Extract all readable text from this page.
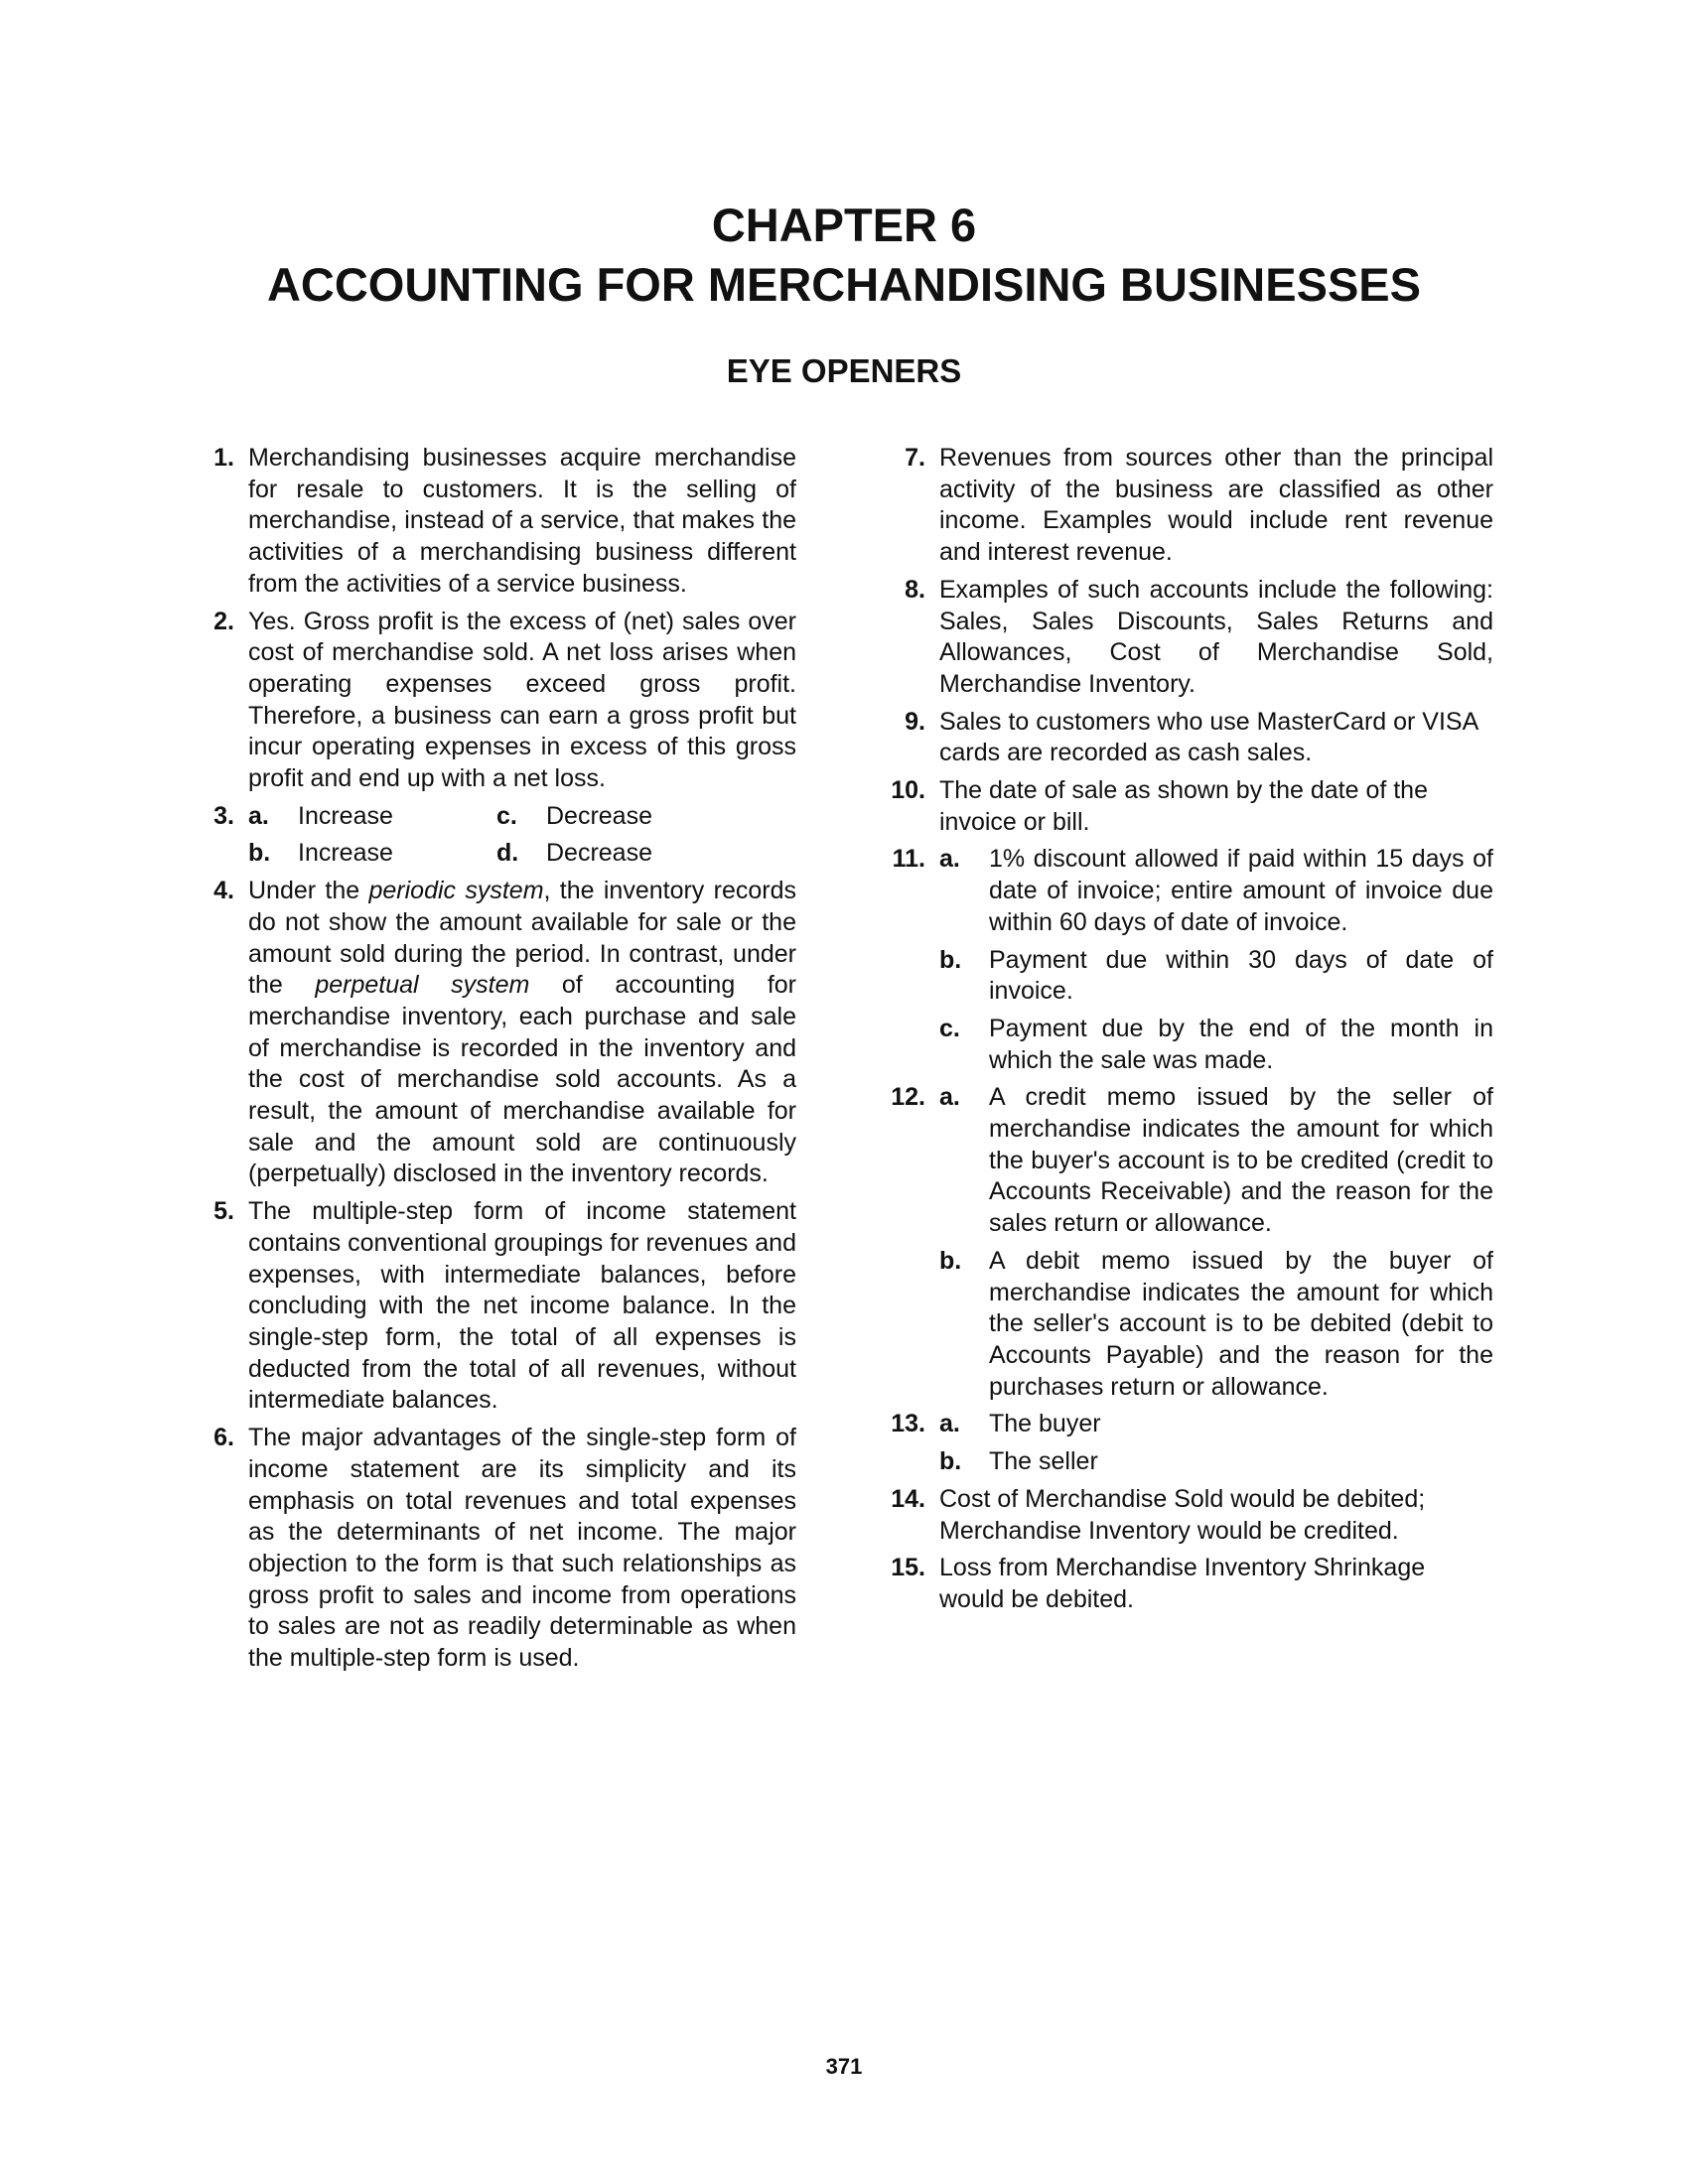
CHAPTER 6
ACCOUNTING FOR MERCHANDISING BUSINESSES
EYE OPENERS
1. Merchandising businesses acquire merchandise for resale to customers. It is the selling of merchandise, instead of a service, that makes the activities of a merchandising business different from the activities of a service business.
2. Yes. Gross profit is the excess of (net) sales over cost of merchandise sold. A net loss arises when operating expenses exceed gross profit. Therefore, a business can earn a gross profit but incur operating expenses in excess of this gross profit and end up with a net loss.
3. a. Increase	c. Decrease
b. Increase	d. Decrease
4. Under the periodic system, the inventory records do not show the amount available for sale or the amount sold during the period. In contrast, under the perpetual system of accounting for merchandise inventory, each purchase and sale of merchandise is recorded in the inventory and the cost of merchandise sold accounts. As a result, the amount of merchandise available for sale and the amount sold are continuously (perpetually) disclosed in the inventory records.
5. The multiple-step form of income statement contains conventional groupings for revenues and expenses, with intermediate balances, before concluding with the net income balance. In the single-step form, the total of all expenses is deducted from the total of all revenues, without intermediate balances.
6. The major advantages of the single-step form of income statement are its simplicity and its emphasis on total revenues and total expenses as the determinants of net income. The major objection to the form is that such relationships as gross profit to sales and income from operations to sales are not as readily determinable as when the multiple-step form is used.
7. Revenues from sources other than the principal activity of the business are classified as other income. Examples would include rent revenue and interest revenue.
8. Examples of such accounts include the following: Sales, Sales Discounts, Sales Returns and Allowances, Cost of Merchandise Sold, Merchandise Inventory.
9. Sales to customers who use MasterCard or VISA cards are recorded as cash sales.
10. The date of sale as shown by the date of the invoice or bill.
11. a. 1% discount allowed if paid within 15 days of date of invoice; entire amount of invoice due within 60 days of date of invoice.
b. Payment due within 30 days of date of invoice.
c. Payment due by the end of the month in which the sale was made.
12. a. A credit memo issued by the seller of merchandise indicates the amount for which the buyer's account is to be credited (credit to Accounts Receivable) and the reason for the sales return or allowance.
b. A debit memo issued by the buyer of merchandise indicates the amount for which the seller's account is to be debited (debit to Accounts Payable) and the reason for the purchases return or allowance.
13. a. The buyer
b. The seller
14. Cost of Merchandise Sold would be debited; Merchandise Inventory would be credited.
15. Loss from Merchandise Inventory Shrinkage would be debited.
371
